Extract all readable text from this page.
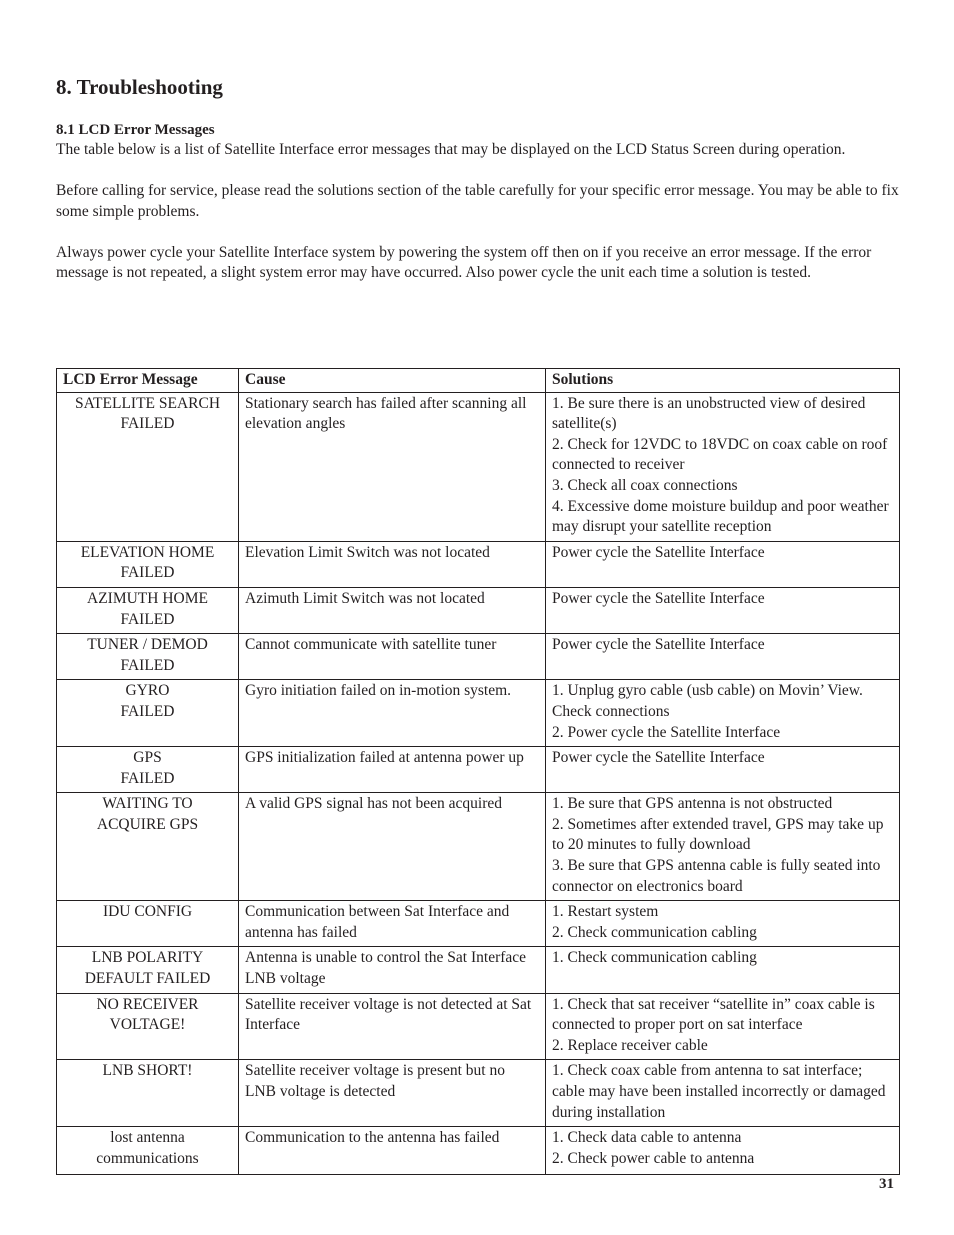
8. Troubleshooting
8.1 LCD Error Messages

The table below is a list of Satellite Interface error messages that may be displayed on the LCD Status Screen during operation.

Before calling for service, please read the solutions section of the table carefully for your specific error message. You may be able to fix some simple problems.

Always power cycle your Satellite Interface system by powering the system off then on if you receive an error message. If the error message is not repeated, a slight system error may have occurred. Also power cycle the unit each time a solution is tested.

LCD Error Message	Cause	Solutions

SATELLITE SEARCH
FAILED	Stationary search has failed after scanning all elevation angles	1. Be sure there is an unobstructed view of desired satellite(s)
2. Check for 12VDC to 18VDC on coax cable on roof connected to receiver
3. Check all coax connections
4. Excessive dome moisture buildup and poor weather may disrupt your satellite reception

ELEVATION HOME
FAILED	Elevation Limit Switch was not located	Power cycle the Satellite Interface

AZIMUTH HOME
FAILED	Azimuth Limit Switch was not located	Power cycle the Satellite Interface

TUNER / DEMOD
FAILED	Cannot communicate with satellite tuner	Power cycle the Satellite Interface

GYRO
FAILED	Gyro initiation failed on in-motion system.	1. Unplug gyro cable (usb cable) on Movin’ View. Check connections
2. Power cycle the Satellite Interface

GPS
FAILED	GPS initialization failed at antenna power up	Power cycle the Satellite Interface

WAITING TO
ACQUIRE GPS	A valid GPS signal has not been acquired	1. Be sure that GPS antenna is not obstructed
2. Sometimes after extended travel, GPS may take up to 20 minutes to fully download
3. Be sure that GPS antenna cable is fully seated into connector on electronics board

IDU CONFIG	Communication between Sat Interface and antenna has failed	1. Restart system
2. Check communication cabling

LNB POLARITY
DEFAULT FAILED	Antenna is unable to control the Sat Interface LNB voltage	1. Check communication cabling

NO RECEIVER
VOLTAGE!	Satellite receiver voltage is not detected at Sat Interface	1. Check that sat receiver “satellite in” coax cable is connected to proper port on sat interface
2. Replace receiver cable

LNB SHORT!	Satellite receiver voltage is present but no LNB voltage is detected	1. Check coax cable from antenna to sat interface; cable may have been installed incorrectly or damaged during installation

lost antenna
communications	Communication to the antenna has failed	1. Check data cable to antenna
2. Check power cable to antenna
31
